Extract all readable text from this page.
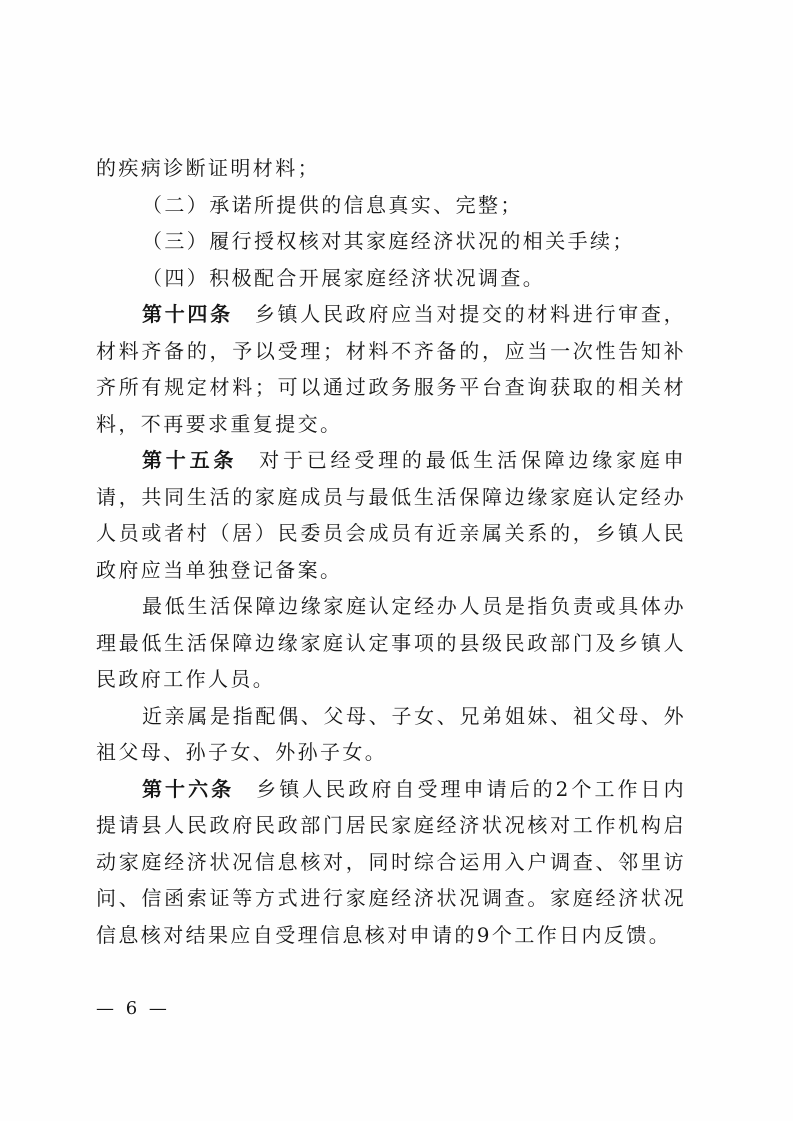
的疾病诊断证明材料；

（二）承诺所提供的信息真实、完整；

（三）履行授权核对其家庭经济状况的相关手续；

（四）积极配合开展家庭经济状况调查。

第十四条 乡镇人民政府应当对提交的材料进行审查，材料齐备的，予以受理；材料不齐备的，应当一次性告知补齐所有规定材料；可以通过政务服务平台查询获取的相关材料，不再要求重复提交。

第十五条 对于已经受理的最低生活保障边缘家庭申请，共同生活的家庭成员与最低生活保障边缘家庭认定经办人员或者村（居）民委员会成员有近亲属关系的，乡镇人民政府应当单独登记备案。

最低生活保障边缘家庭认定经办人员是指负责或具体办理最低生活保障边缘家庭认定事项的县级民政部门及乡镇人民政府工作人员。

近亲属是指配偶、父母、子女、兄弟姐妹、祖父母、外祖父母、孙子女、外孙子女。

第十六条 乡镇人民政府自受理申请后的2个工作日内提请县人民政府民政部门居民家庭经济状况核对工作机构启动家庭经济状况信息核对，同时综合运用入户调查、邻里访问、信函索证等方式进行家庭经济状况调查。家庭经济状况信息核对结果应自受理信息核对申请的9个工作日内反馈。

— 6 —
